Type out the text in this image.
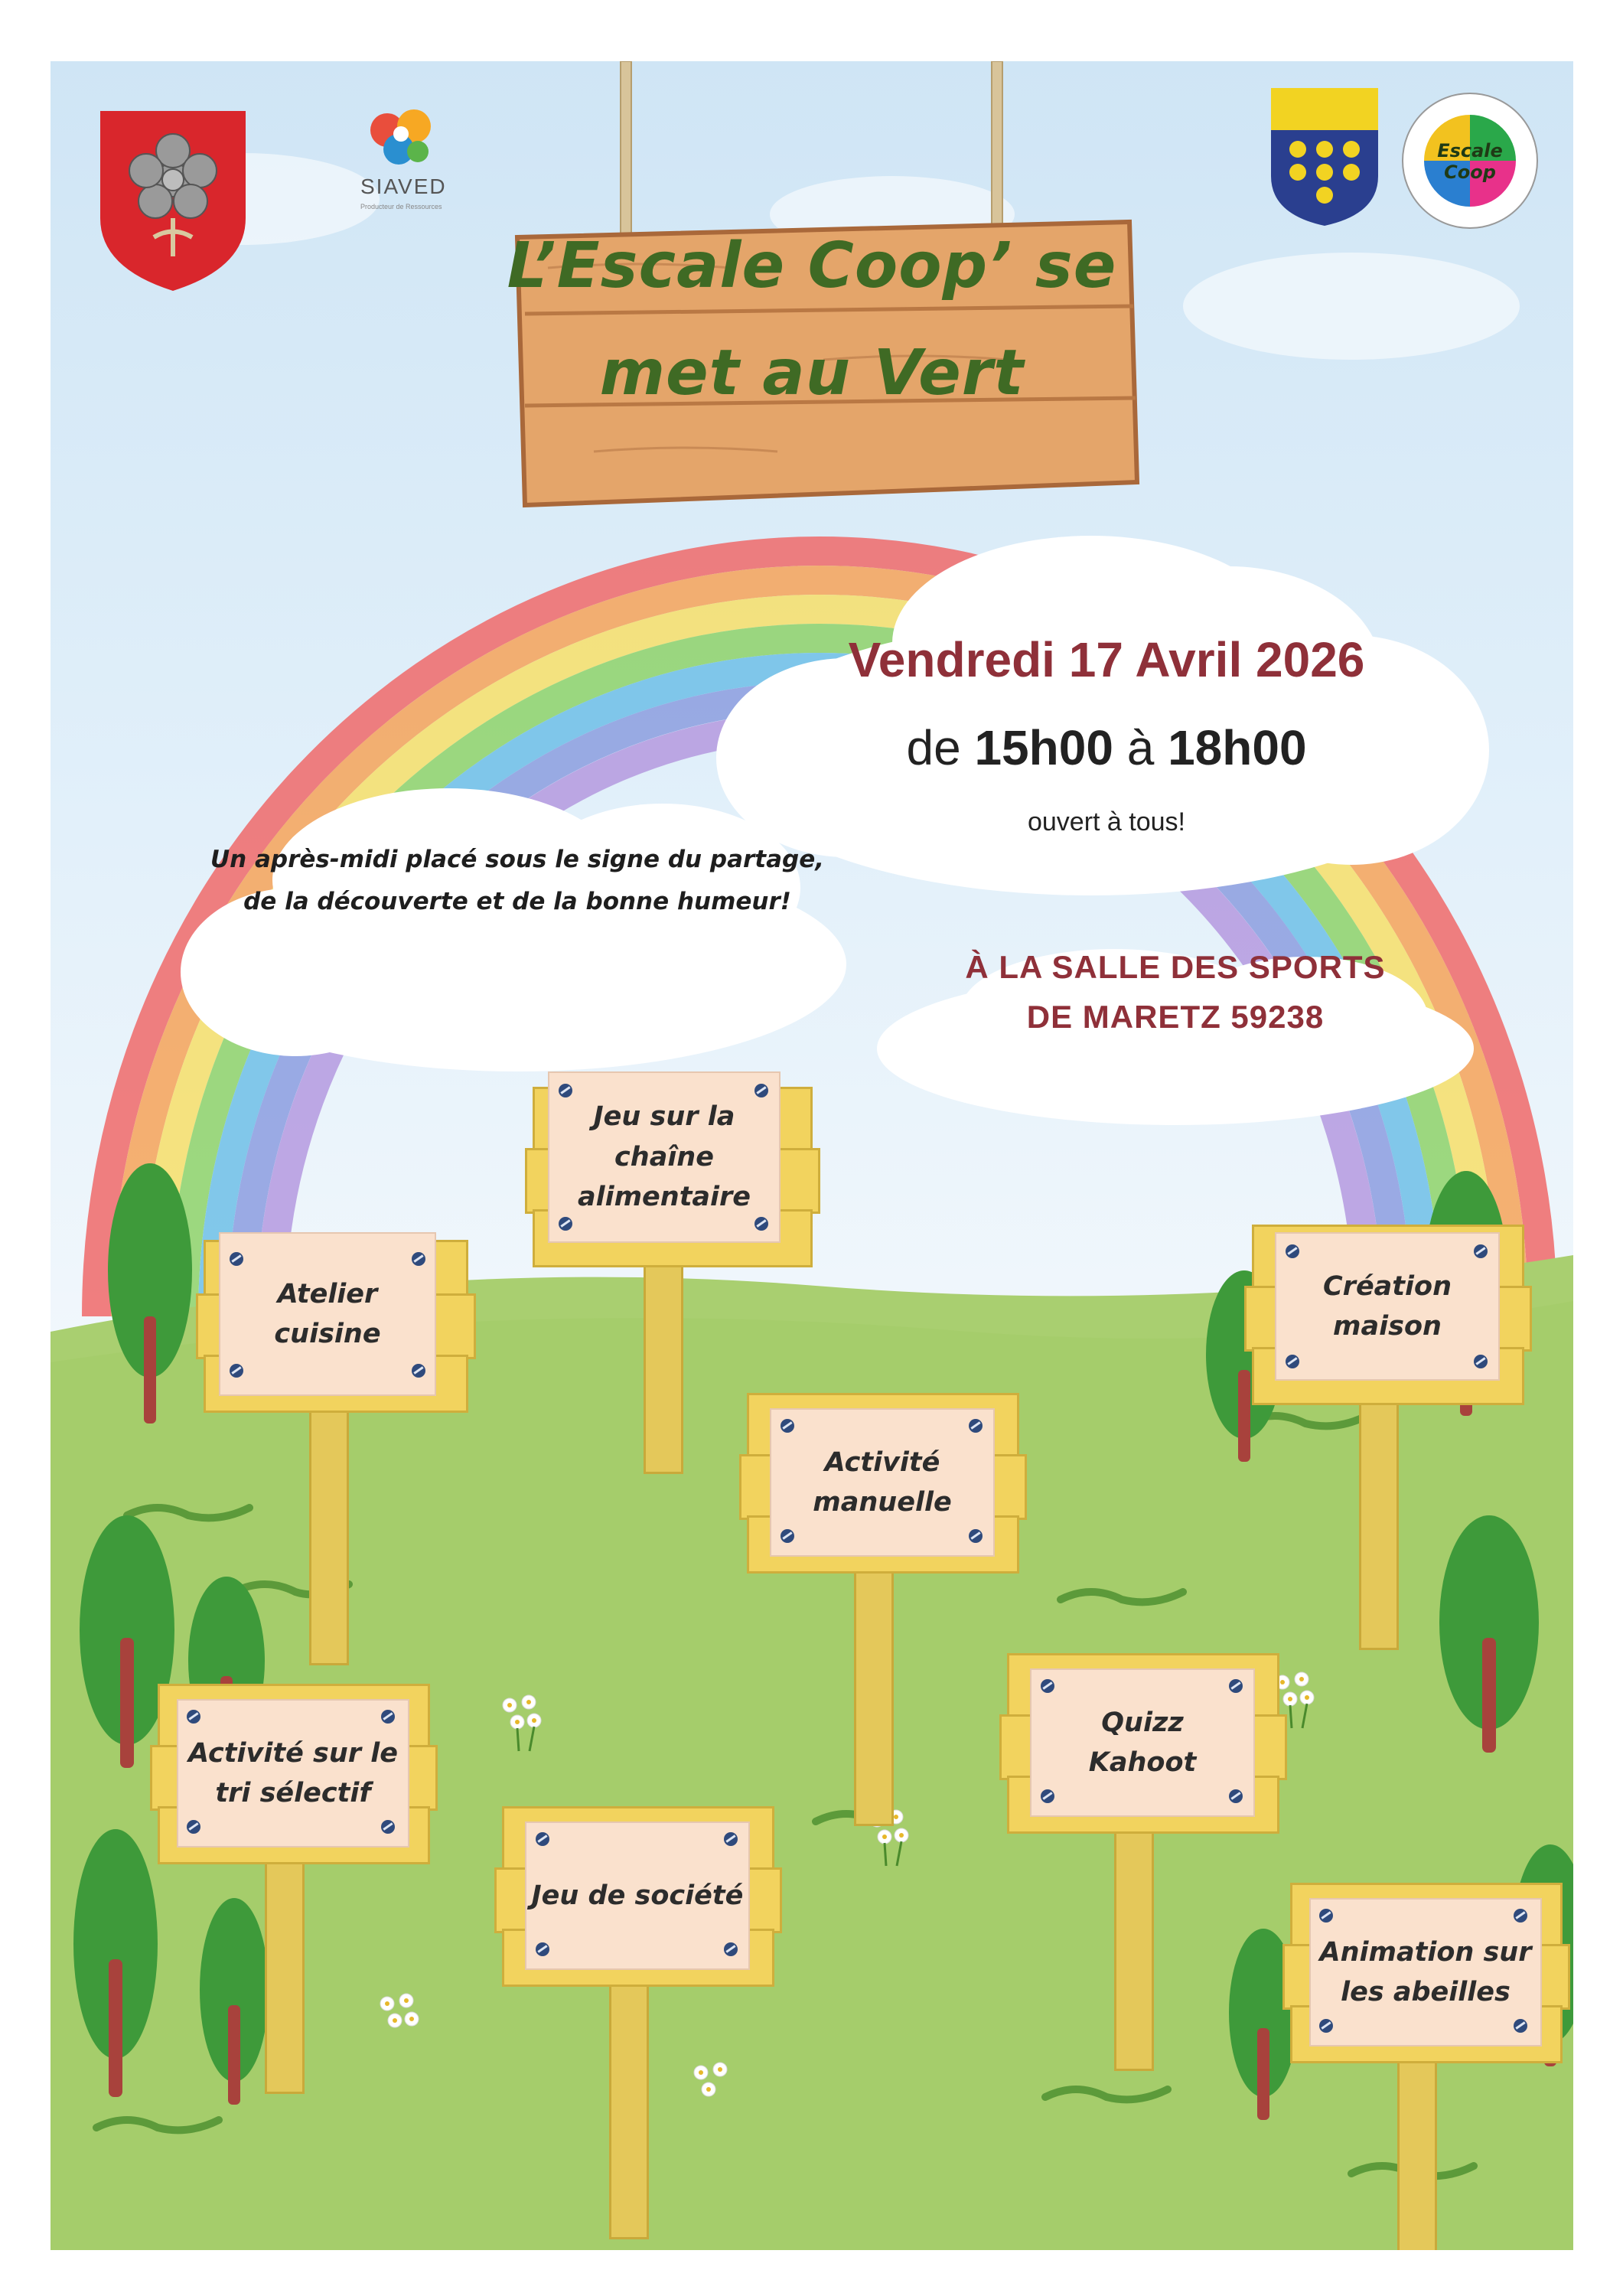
SIAVED
Producteur de Ressources
Escale Coop
L’Escale Coop’ se
met au Vert
Vendredi 17 Avril 2026
de 15h00 à 18h00
ouvert à tous!
Un après-midi placé sous le signe du partage,
de la découverte et de la bonne humeur!
À LA SALLE DES SPORTS
DE MARETZ 59238
Jeu sur la
chaîne
alimentaire
Atelier cuisine
Création
maison
Activité
manuelle
Quizz
Kahoot
Activité sur le
tri sélectif
Jeu de société
Animation sur
les abeilles
